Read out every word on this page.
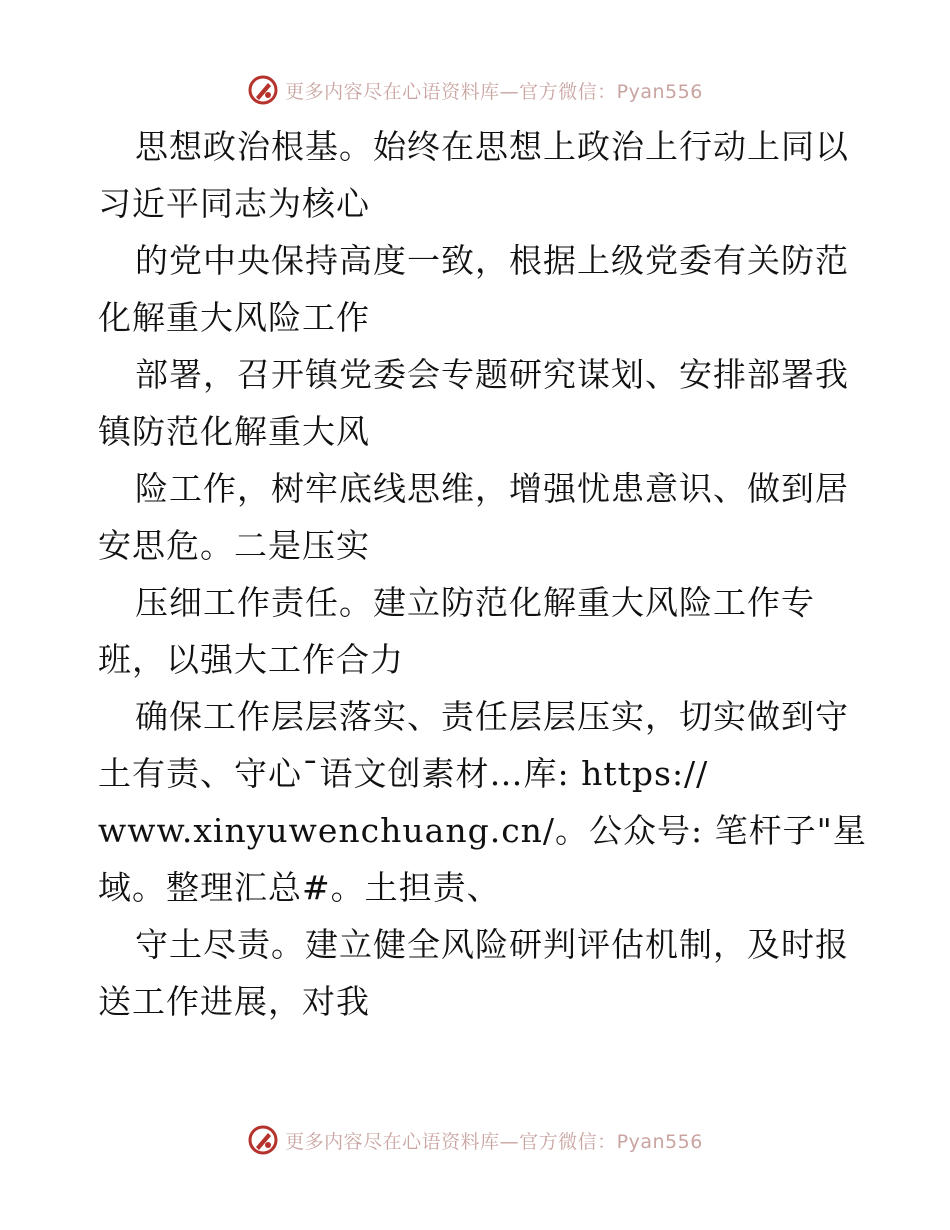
更多内容尽在心语资料库—官方微信：Pyan556
思想政治根基。始终在思想上政治上行动上同以
习近平同志为核心
的党中央保持高度一致，根据上级党委有关防范
化解重大风险工作
部署，召开镇党委会专题研究谋划、安排部署我
镇防范化解重大风
险工作，树牢底线思维，增强忧患意识、做到居
安思危。二是压实
压细工作责任。建立防范化解重大风险工作专
班，以强大工作合力
确保工作层层落实、责任层层压实，切实做到守
土有责、守心¯语文创素材…库: https://
www.xinyuwenchuang.cn/。公众号: 笔杆子"星
域。整理汇总#。土担责、
守土尽责。建立健全风险研判评估机制，及时报
送工作进展，对我
更多内容尽在心语资料库—官方微信：Pyan556
